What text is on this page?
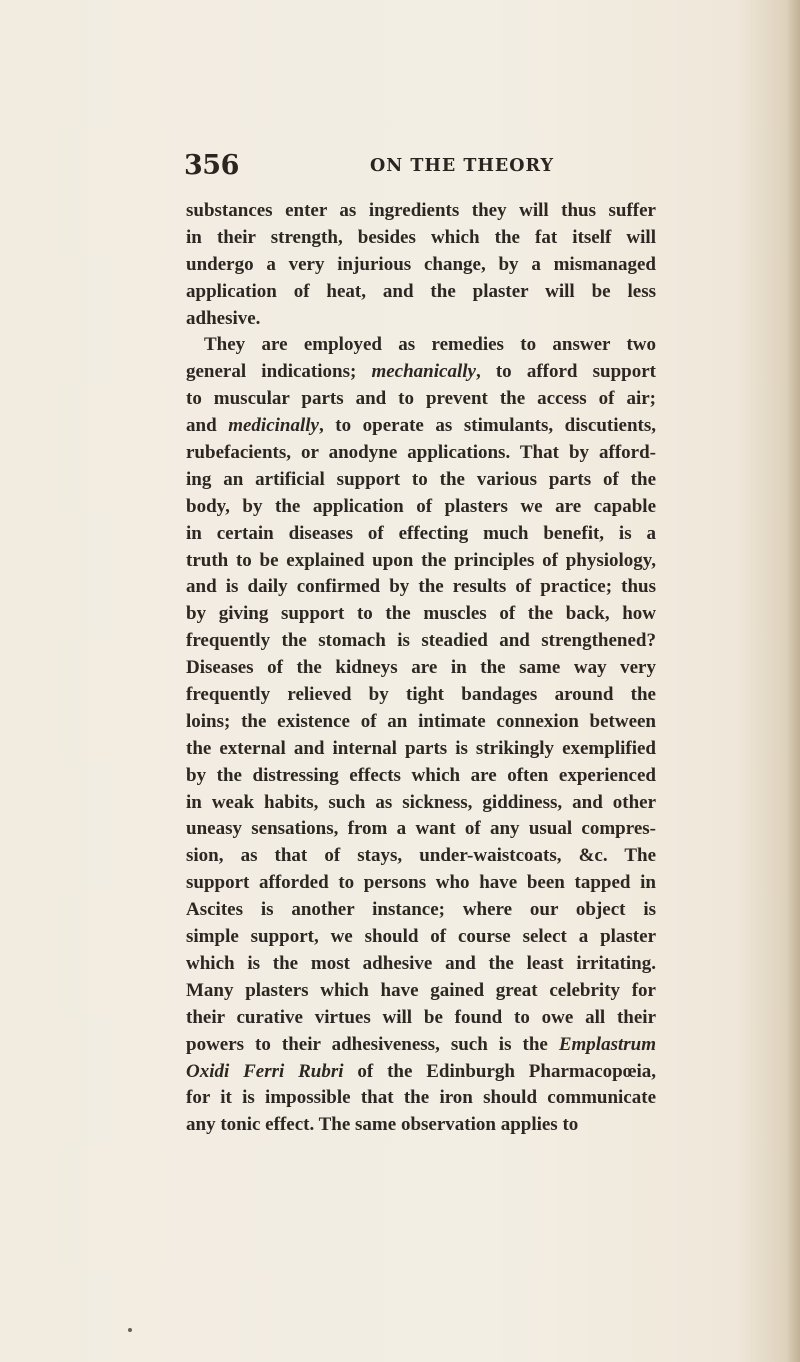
356	ON THE THEORY
substances enter as ingredients they will thus suffer
in their strength, besides which the fat itself will
undergo a very injurious change, by a mismanaged
application of heat, and the plaster will be less
adhesive.
They are employed as remedies to answer two
general indications; mechanically, to afford support
to muscular parts and to prevent the access of air;
and medicinally, to operate as stimulants, discutients,
rubefacients, or anodyne applications. That by afford-
ing an artificial support to the various parts of the
body, by the application of plasters we are capable
in certain diseases of effecting much benefit, is a
truth to be explained upon the principles of physiology,
and is daily confirmed by the results of practice; thus
by giving support to the muscles of the back, how
frequently the stomach is steadied and strengthened?
Diseases of the kidneys are in the same way very
frequently relieved by tight bandages around the
loins; the existence of an intimate connexion between
the external and internal parts is strikingly exemplified
by the distressing effects which are often experienced
in weak habits, such as sickness, giddiness, and other
uneasy sensations, from a want of any usual compres-
sion, as that of stays, under-waistcoats, &c. The
support afforded to persons who have been tapped in
Ascites is another instance; where our object is
simple support, we should of course select a plaster
which is the most adhesive and the least irritating.
Many plasters which have gained great celebrity for
their curative virtues will be found to owe all their
powers to their adhesiveness, such is the Emplastrum
Oxidi Ferri Rubri of the Edinburgh Pharmacopœia,
for it is impossible that the iron should communicate
any tonic effect. The same observation applies to
